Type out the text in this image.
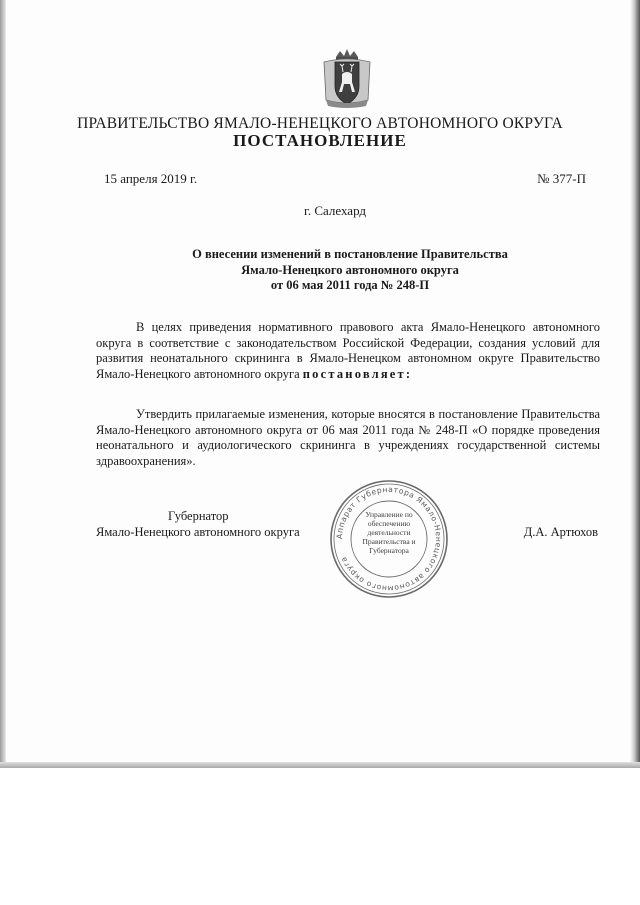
ПРАВИТЕЛЬСТВО ЯМАЛО-НЕНЕЦКОГО АВТОНОМНОГО ОКРУГА
ПОСТАНОВЛЕНИЕ
15 апреля 2019 г.	№ 377-П
г. Салехард
О внесении изменений в постановление Правительства
Ямало-Ненецкого автономного округа
от 06 мая 2011 года № 248-П
В целях приведения нормативного правового акта Ямало-Ненецкого автономного округа в соответствие с законодательством Российской Федерации, создания условий для развития неонатального скрининга в Ямало-Ненецком автономном округе Правительство Ямало-Ненецкого автономного округа постановляет:
Утвердить прилагаемые изменения, которые вносятся в постановление Правительства Ямало-Ненецкого автономного округа от 06 мая 2011 года № 248-П «О порядке проведения неонатального и аудиологического скрининга в учреждениях государственной системы здравоохранения».
Губернатор
Ямало-Ненецкого автономного округа	Д.А. Артюхов
Аппарат Губернатора Ямало-Ненецкого автономного округа
Управление по обеспечению деятельности Правительства и Губернатора
